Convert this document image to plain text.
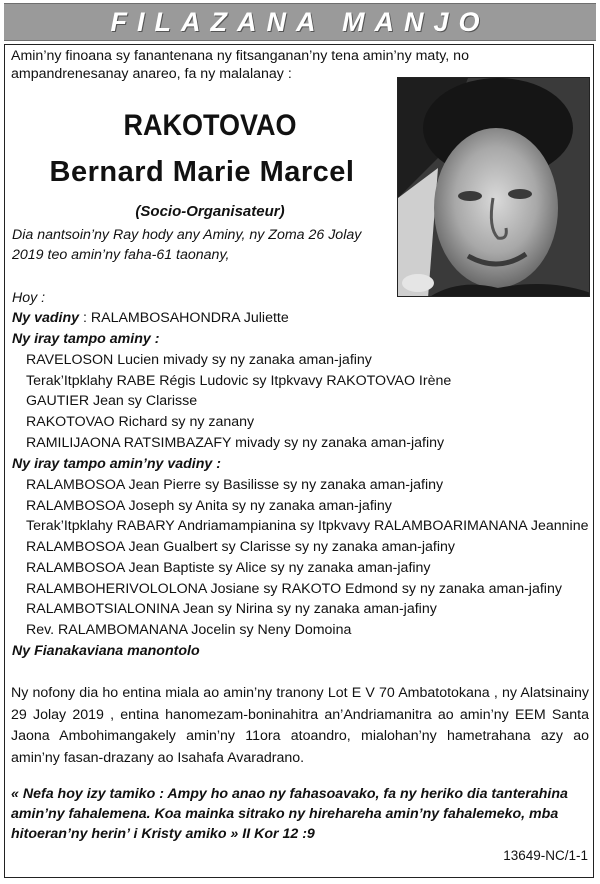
FILAZANA MANJO
Amin’ny finoana sy fanantenana ny fitsanganan’ny tena amin’ny maty, no ampandrenesanay anareo, fa ny malalanay :
RAKOTOVAO
Bernard Marie Marcel
(Socio-Organisateur)
Dia nantsoin’ny Ray hody any Aminy, ny Zoma 26 Jolay 2019 teo amin’ny faha-61 taonany,
Hoy :
Ny vadiny : RALAMBOSAHONDRA Juliette
Ny iray tampo aminy :
RAVELOSON Lucien mivady sy ny zanaka aman-jafiny
Terak’Itpklahy RABE Régis Ludovic sy Itpkvavy RAKOTOVAO Irène
GAUTIER Jean sy Clarisse
RAKOTOVAO Richard sy ny zanany
RAMILIJAONA RATSIMBAZAFY mivady sy ny zanaka aman-jafiny
Ny iray tampo amin’ny vadiny :
RALAMBOSOA Jean Pierre sy Basilisse sy ny zanaka aman-jafiny
RALAMBOSOA Joseph sy Anita sy ny zanaka aman-jafiny
Terak’Itpklahy RABARY Andriamampianina sy Itpkvavy RALAMBOARIMANANA Jeannine
RALAMBOSOA Jean Gualbert sy Clarisse sy ny zanaka aman-jafiny
RALAMBOSOA Jean Baptiste sy Alice sy ny zanaka aman-jafiny
RALAMBOHERIVOLOLONA Josiane sy RAKOTO Edmond sy ny zanaka aman-jafiny
RALAMBOTSIALONINA Jean sy Nirina sy ny zanaka aman-jafiny
Rev. RALAMBOMANANA Jocelin sy Neny Domoina
Ny Fianakaviana manontolo
Ny nofony dia ho entina miala ao amin’ny tranony Lot E V 70 Ambatotokana , ny Alatsinainy 29 Jolay 2019 , entina hanomezam-boninahitra an’Andriamanitra ao amin’ny EEM Santa Jaona Ambohimangakely amin’ny 11ora atoandro, mialohan’ny hametrahana azy ao amin’ny fasan-drazany ao Isahafa Avaradrano.
« Nefa hoy izy tamiko : Ampy ho anao ny fahasoavako, fa ny heriko dia tanterahina amin’ny fahalemena. Koa mainka sitrako ny hirehareha amin’ny fahalemeko, mba hitoeran’ny herin’ i Kristy amiko » II Kor 12 :9
13649-NC/1-1
